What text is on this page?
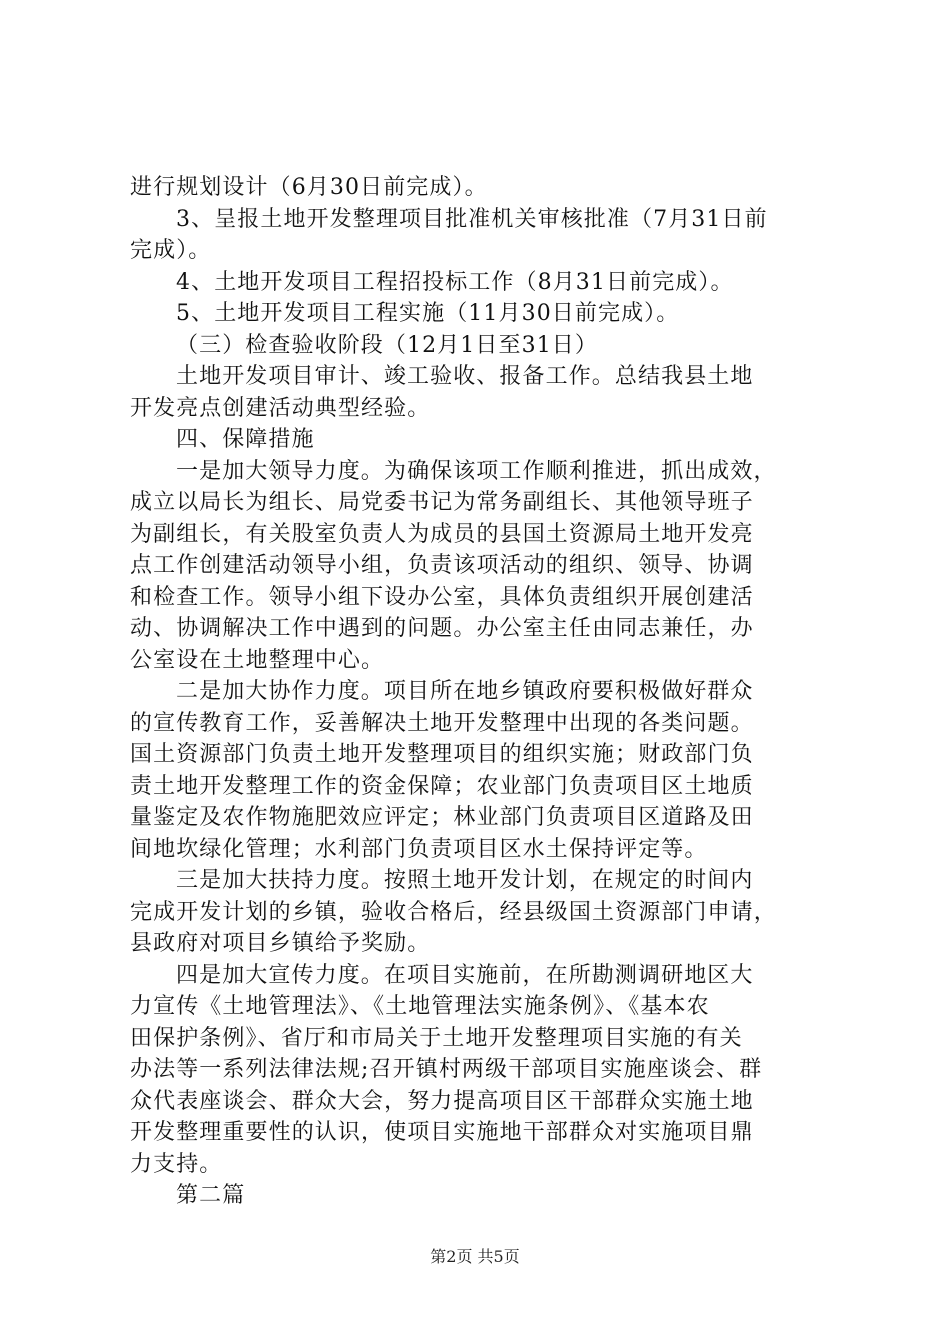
进行规划设计（6月30日前完成）。
3、呈报土地开发整理项目批准机关审核批准（7月31日前
完成）。
4、土地开发项目工程招投标工作（8月31日前完成）。
5、土地开发项目工程实施（11月30日前完成）。
（三）检查验收阶段（12月1日至31日）
土地开发项目审计、竣工验收、报备工作。总结我县土地
开发亮点创建活动典型经验。
四、保障措施
一是加大领导力度。为确保该项工作顺利推进，抓出成效，
成立以局长为组长、局党委书记为常务副组长、其他领导班子
为副组长，有关股室负责人为成员的县国土资源局土地开发亮
点工作创建活动领导小组，负责该项活动的组织、领导、协调
和检查工作。领导小组下设办公室，具体负责组织开展创建活
动、协调解决工作中遇到的问题。办公室主任由同志兼任，办
公室设在土地整理中心。
二是加大协作力度。项目所在地乡镇政府要积极做好群众
的宣传教育工作，妥善解决土地开发整理中出现的各类问题。
国土资源部门负责土地开发整理项目的组织实施；财政部门负
责土地开发整理工作的资金保障；农业部门负责项目区土地质
量鉴定及农作物施肥效应评定；林业部门负责项目区道路及田
间地坎绿化管理；水利部门负责项目区水土保持评定等。
三是加大扶持力度。按照土地开发计划，在规定的时间内
完成开发计划的乡镇，验收合格后，经县级国土资源部门申请，
县政府对项目乡镇给予奖励。
四是加大宣传力度。在项目实施前，在所勘测调研地区大
力宣传《土地管理法》、《土地管理法实施条例》、《基本农
田保护条例》、省厅和市局关于土地开发整理项目实施的有关
办法等一系列法律法规;召开镇村两级干部项目实施座谈会、群
众代表座谈会、群众大会，努力提高项目区干部群众实施土地
开发整理重要性的认识，使项目实施地干部群众对实施项目鼎
力支持。
第二篇
第2页 共5页
